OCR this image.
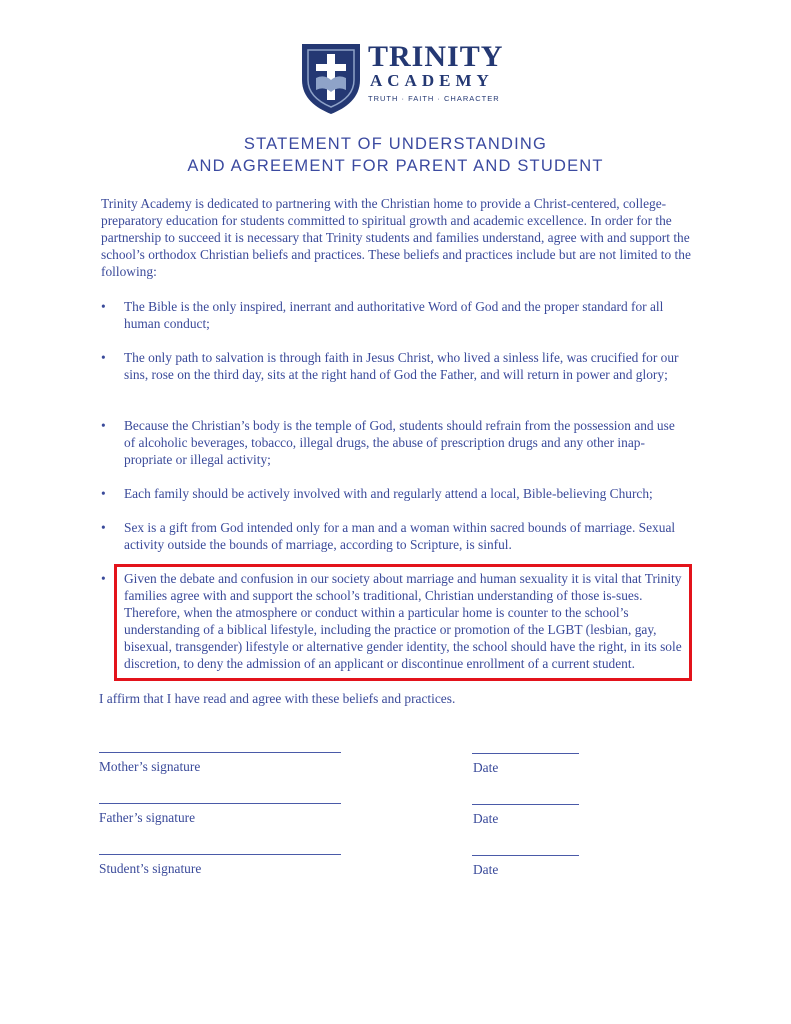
TRINITY
ACADEMY
TRUTH · FAITH · CHARACTER
STATEMENT OF UNDERSTANDING
AND AGREEMENT FOR PARENT AND STUDENT
Trinity Academy is dedicated to partnering with the Christian home to provide a Christ-centered, college-preparatory education for students committed to spiritual growth and academic excellence. In order for the partnership to succeed it is necessary that Trinity students and families understand, agree with and support the school’s orthodox Christian beliefs and practices. These beliefs and practices include but are not limited to the following:
•	The Bible is the only inspired, inerrant and authoritative Word of God and the proper standard for all human conduct;
•	The only path to salvation is through faith in Jesus Christ, who lived a sinless life, was crucified for our sins, rose on the third day, sits at the right hand of God the Father, and will return in power and glory;
•	Because the Christian’s body is the temple of God, students should refrain from the possession and use of alcoholic beverages, tobacco, illegal drugs, the abuse of prescription drugs and any other inap-propriate or illegal activity;
•	Each family should be actively involved with and regularly attend a local, Bible-believing Church;
•	Sex is a gift from God intended only for a man and a woman within sacred bounds of marriage. Sexual activity outside the bounds of marriage, according to Scripture, is sinful.
•	Given the debate and confusion in our society about marriage and human sexuality it is vital that Trinity families agree with and support the school’s traditional, Christian understanding of those is-sues. Therefore, when the atmosphere or conduct within a particular home is counter to the school’s understanding of a biblical lifestyle, including the practice or promotion of the LGBT (lesbian, gay, bisexual, transgender) lifestyle or alternative gender identity, the school should have the right, in its sole discretion, to deny the admission of an applicant or discontinue enrollment of a current student.
I affirm that I have read and agree with these beliefs and practices.
Mother’s signature	Date
Father’s signature	Date
Student’s signature	Date
